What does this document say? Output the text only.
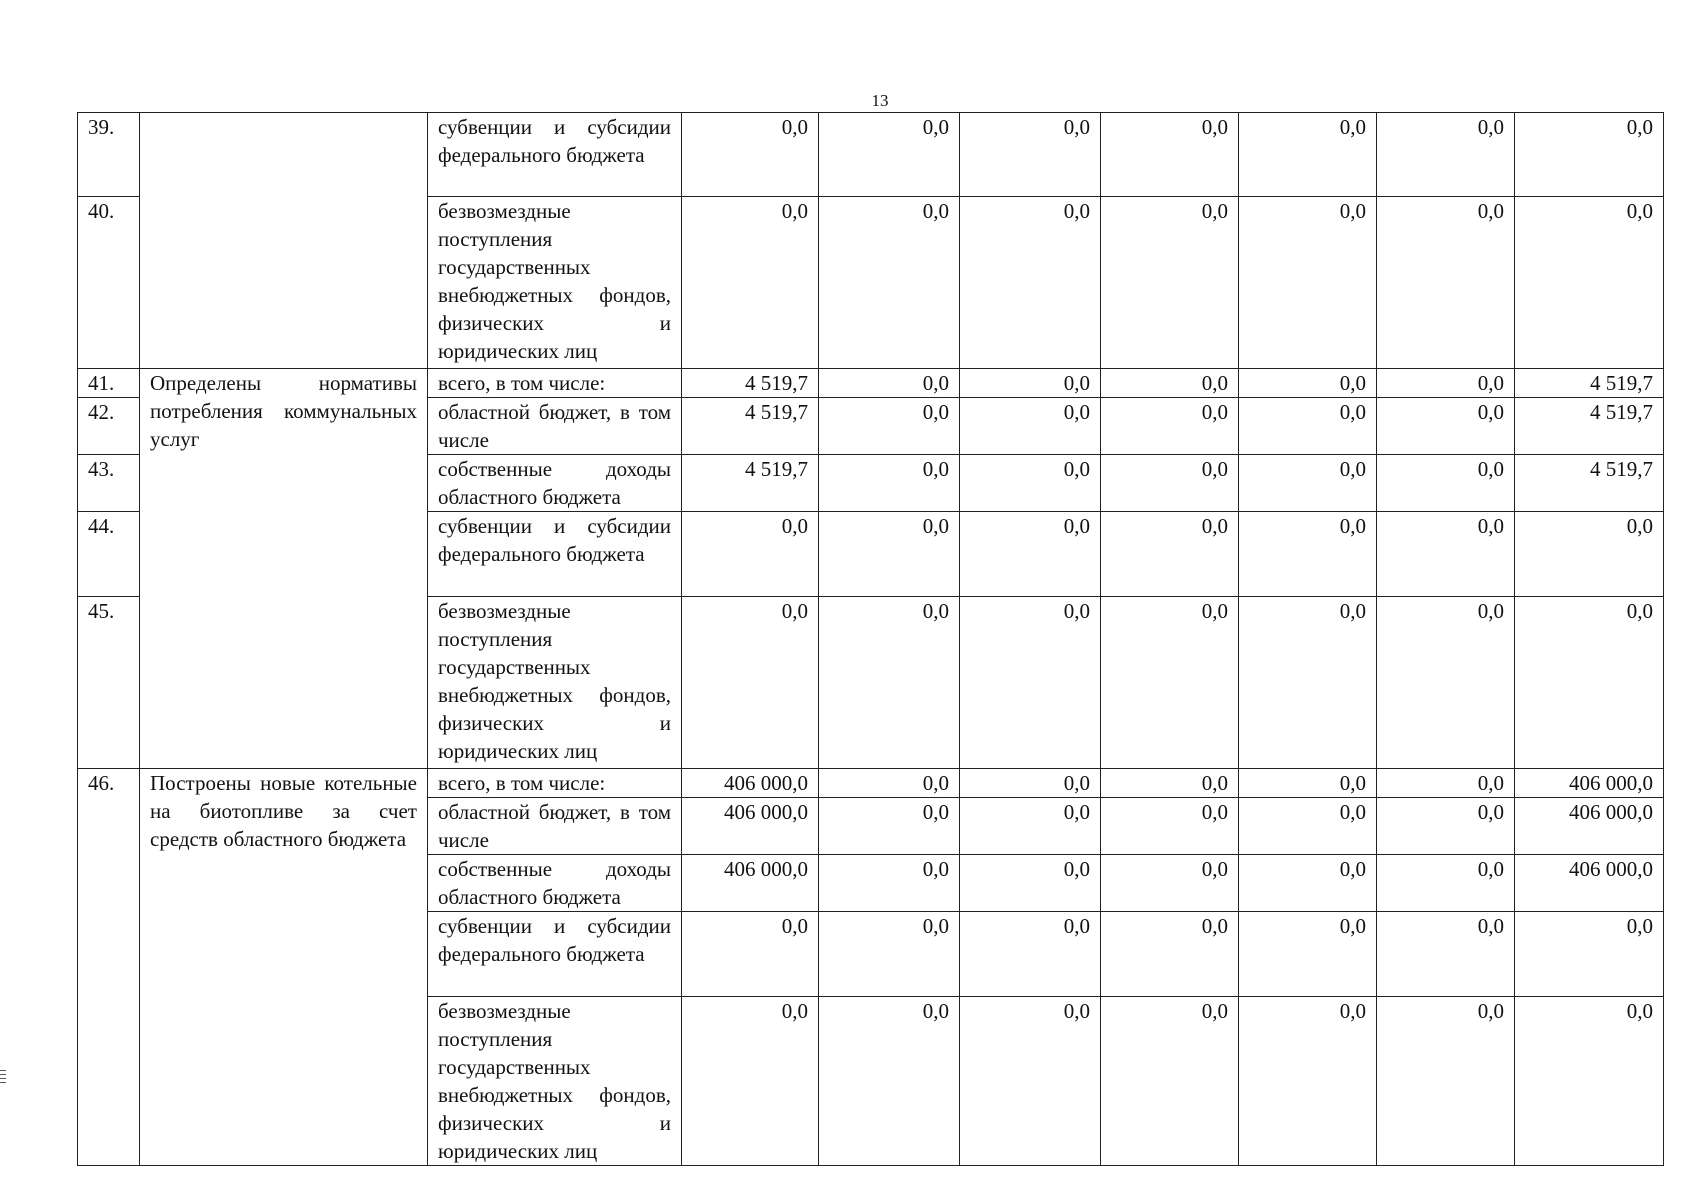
13
39.		субвенции и субсидии федерального бюджета	0,0	0,0	0,0	0,0	0,0	0,0	0,0
40.		безвозмездные поступления государственных внебюджетных фондов, физических и юридических лиц	0,0	0,0	0,0	0,0	0,0	0,0	0,0
41.	Определены нормативы потребления коммунальных услуг	всего, в том числе:	4 519,7	0,0	0,0	0,0	0,0	0,0	4 519,7
42.		областной бюджет, в том числе	4 519,7	0,0	0,0	0,0	0,0	0,0	4 519,7
43.		собственные доходы областного бюджета	4 519,7	0,0	0,0	0,0	0,0	0,0	4 519,7
44.		субвенции и субсидии федерального бюджета	0,0	0,0	0,0	0,0	0,0	0,0	0,0
45.		безвозмездные поступления государственных внебюджетных фондов, физических и юридических лиц	0,0	0,0	0,0	0,0	0,0	0,0	0,0
46.	Построены новые котельные на биотопливе за счет средств областного бюджета	всего, в том числе:	406 000,0	0,0	0,0	0,0	0,0	0,0	406 000,0
		областной бюджет, в том числе	406 000,0	0,0	0,0	0,0	0,0	0,0	406 000,0
		собственные доходы областного бюджета	406 000,0	0,0	0,0	0,0	0,0	0,0	406 000,0
		субвенции и субсидии федерального бюджета	0,0	0,0	0,0	0,0	0,0	0,0	0,0
		безвозмездные поступления государственных внебюджетных фондов, физических и юридических лиц	0,0	0,0	0,0	0,0	0,0	0,0	0,0
